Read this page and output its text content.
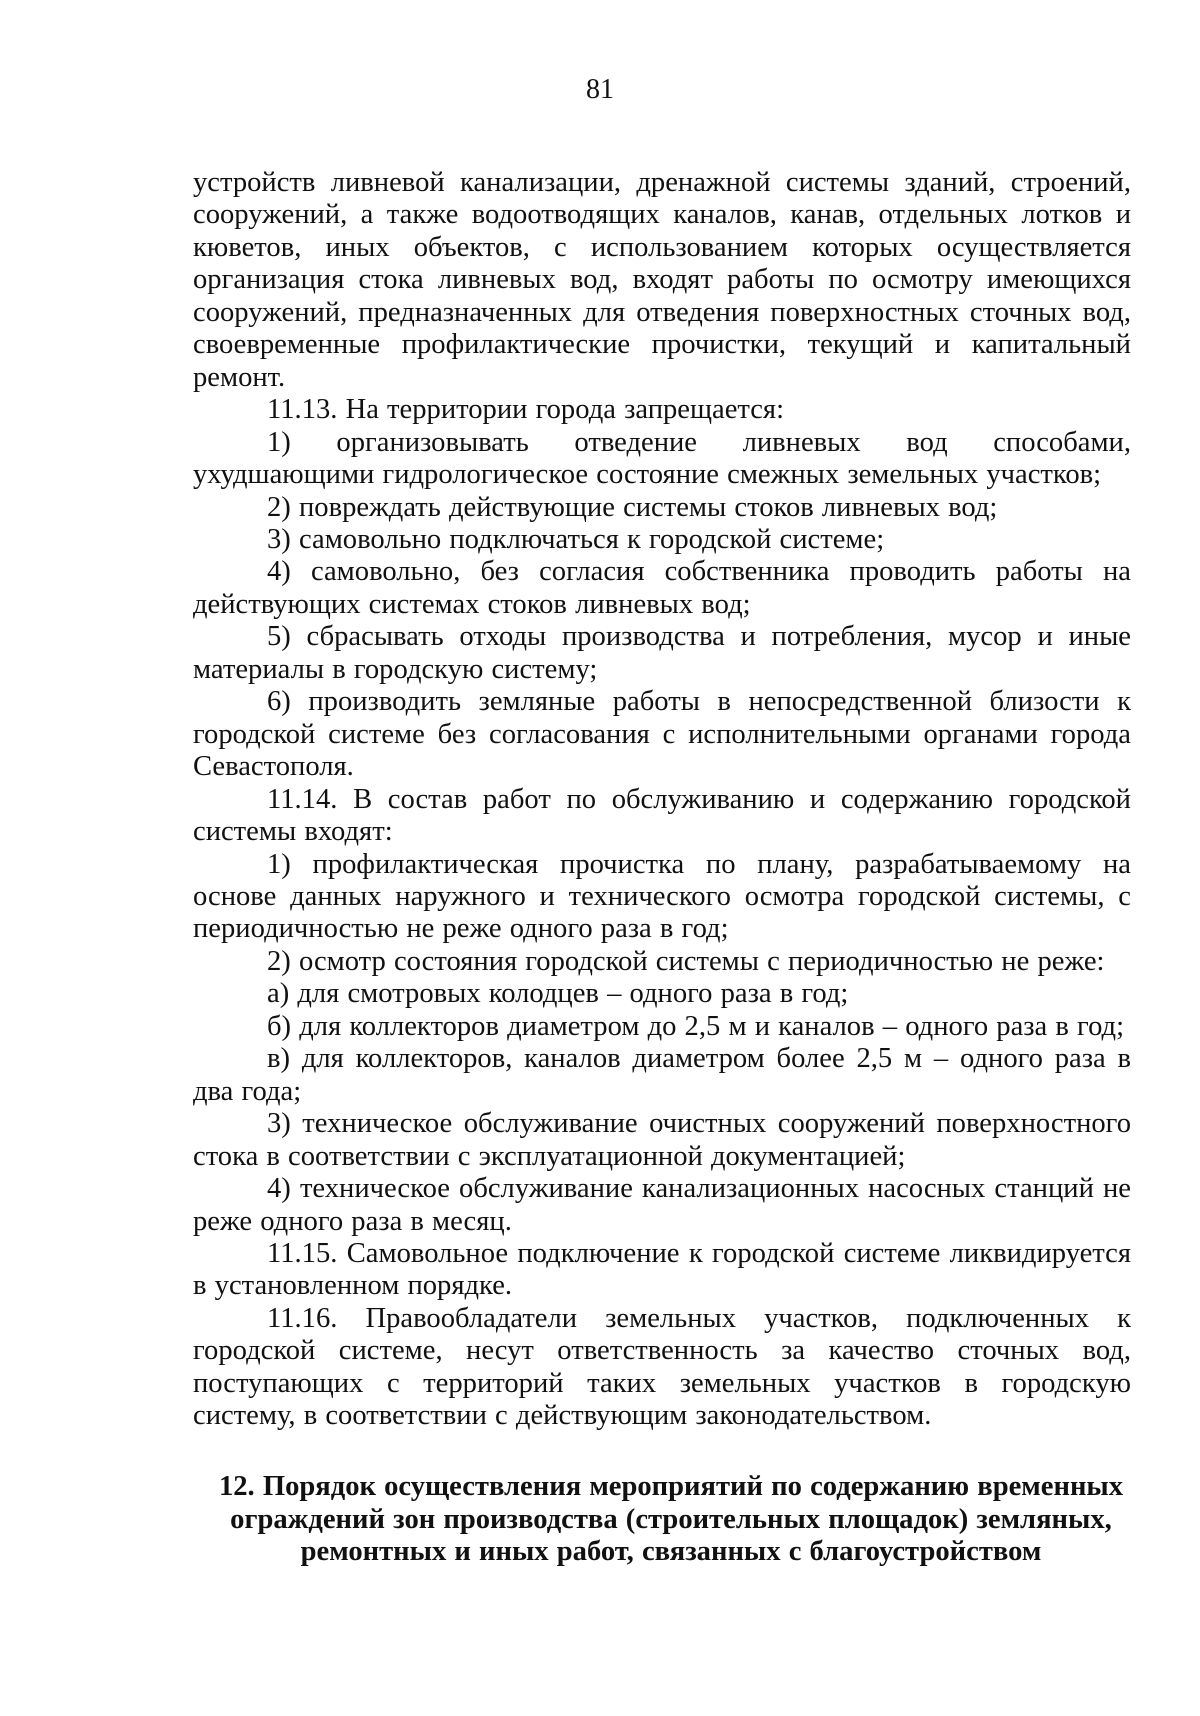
81

устройств ливневой канализации, дренажной системы зданий, строений, сооружений, а также водоотводящих каналов, канав, отдельных лотков и кюветов, иных объектов, с использованием которых осуществляется организация стока ливневых вод, входят работы по осмотру имеющихся сооружений, предназначенных для отведения поверхностных сточных вод, своевременные профилактические прочистки, текущий и капитальный ремонт.

11.13. На территории города запрещается:

1) организовывать отведение ливневых вод способами, ухудшающими гидрологическое состояние смежных земельных участков;

2) повреждать действующие системы стоков ливневых вод;

3) самовольно подключаться к городской системе;

4) самовольно, без согласия собственника проводить работы на действующих системах стоков ливневых вод;

5) сбрасывать отходы производства и потребления, мусор и иные материалы в городскую систему;

6) производить земляные работы в непосредственной близости к городской системе без согласования с исполнительными органами города Севастополя.

11.14. В состав работ по обслуживанию и содержанию городской системы входят:

1) профилактическая прочистка по плану, разрабатываемому на основе данных наружного и технического осмотра городской системы, с периодичностью не реже одного раза в год;

2) осмотр состояния городской системы с периодичностью не реже:

а) для смотровых колодцев – одного раза в год;

б) для коллекторов диаметром до 2,5 м и каналов – одного раза в год;

в) для коллекторов, каналов диаметром более 2,5 м – одного раза в два года;

3) техническое обслуживание очистных сооружений поверхностного стока в соответствии с эксплуатационной документацией;

4) техническое обслуживание канализационных насосных станций не реже одного раза в месяц.

11.15. Самовольное подключение к городской системе ликвидируется в установленном порядке.

11.16. Правообладатели земельных участков, подключенных к городской системе, несут ответственность за качество сточных вод, поступающих с территорий таких земельных участков в городскую систему, в соответствии с действующим законодательством.

12. Порядок осуществления мероприятий по содержанию временных ограждений зон производства (строительных площадок) земляных, ремонтных и иных работ, связанных с благоустройством
